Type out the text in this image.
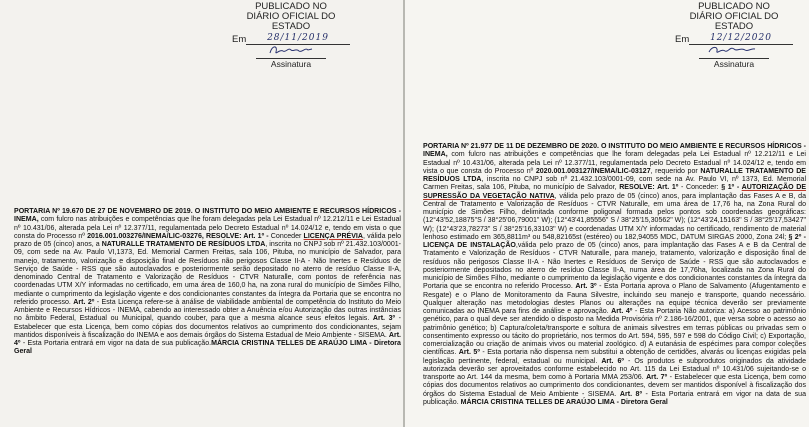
PUBLICADO NO
DIÁRIO OFICIAL DO ESTADO
Em	28/11/2019
Assinatura
PORTARIA Nº 19.670 DE 27 DE NOVEMBRO DE 2019. O INSTITUTO DO MEIO AMBIENTE E RECURSOS HÍDRICOS - INEMA, com fulcro nas atribuições e competências que lhe foram delegadas pela Lei Estadual nº 12.212/11 e Lei Estadual nº 10.431/06, alterada pela Lei nº 12.377/11, regulamentada pelo Decreto Estadual nº 14.024/12 e, tendo em vista o que consta do Processo nº 2016.001.003276/INEMA/LIC-03276, RESOLVE: Art. 1º - Conceder LICENÇA PRÉVIA, válida pelo prazo de 05 (cinco) anos, a NATURALLE TRATAMENTO DE RESÍDUOS LTDA, inscrita no CNPJ sob nº 21.432.103/0001-09, com sede na Av. Paulo VI,1373, Ed. Memorial Carmen Freitas, sala 106, Pituba, no município de Salvador, para manejo, tratamento, valorização e disposição final de Resíduos não perigosos Classe II-A - Não Inertes e Resíduos de Serviço de Saúde - RSS que são autoclavados e posteriormente serão depositado no aterro de resíduo Classe II-A, denominado Central de Tratamento e Valorização de Resíduos - CTVR Naturalle, com pontos de referência nas coordenadas UTM X/Y informadas no certificado, em uma área de 160,0 ha, na zona rural do município de Simões Filho, mediante o cumprimento da legislação vigente e dos condicionantes constantes da íntegra da Portaria que se encontra no referido processo. Art. 2º - Esta Licença refere-se à análise de viabilidade ambiental de competência do Instituto do Meio Ambiente e Recursos Hídricos - INEMA, cabendo ao interessado obter a Anuência e/ou Autorização das outras instâncias no âmbito Federal, Estadual ou Municipal, quando couber, para que a mesma alcance seus efeitos legais. Art. 3º - Estabelecer que esta Licença, bem como cópias dos documentos relativos ao cumprimento dos condicionantes, sejam mantidos disponíveis à fiscalização do INEMA e aos demais órgãos do Sistema Estadual de Meio Ambiente - SISEMA. Art. 4º - Esta Portaria entrará em vigor na data de sua publicação.MÁRCIA CRISTINA TELLES DE ARAÚJO LIMA - Diretora Geral
PUBLICADO NO
DIÁRIO OFICIAL DO ESTADO
Em	12/12/2020
Assinatura
PORTARIA Nº 21.977 DE 11 DE DEZEMBRO DE 2020. O INSTITUTO DO MEIO AMBIENTE E RECURSOS HÍDRICOS - INEMA, com fulcro nas atribuições e competências que lhe foram delegadas pela Lei Estadual nº 12.212/11 e Lei Estadual nº 10.431/06, alterada pela Lei nº 12.377/11, regulamentada pelo Decreto Estadual nº 14.024/12 e, tendo em vista o que consta do Processo nº 2020.001.003127/INEMA/LIC-03127, requerido por NATURALLE TRATAMENTO DE RESÍDUOS LTDA, inscrita no CNPJ sob nº 21.432.103/0001-09, com sede na Av. Paulo VI, nº 1373, Ed. Memorial Carmen Freitas, sala 106, Pituba, no município de Salvador, RESOLVE: Art. 1º - Conceder: § 1º - AUTORIZAÇÃO DE SUPRESSÃO DA VEGETAÇÃO NATIVA, válida pelo prazo de 05 (cinco) anos, para implantação das Fases A e B, da Central de Tratamento e Valorização de Resíduos - CTVR Naturalle, em uma área de 17,76 ha, na Zona Rural do município de Simões Filho, delimitada conforme poligonal formada pelos pontos sob coordenadas geográficas: (12°43'52,18875"S / 38°25'06,79001" W); (12°43'41,85556" S / 38°25'15,30562" W); (12°43'24,15163" S / 38°25'17,53427" W); (12°43'23,78273" S / 38°25'16,33103" W) e coordenadas UTM X/Y informadas no certificado, rendimento de material lenhoso estimado em 365,8811m³ ou 548,82165st (estéreo) ou 182,94055 MDC, DATUM SIRGAS 2000, Zona 24l; § 2º - LICENÇA DE INSTALAÇÃO,válida pelo prazo de 05 (cinco) anos, para implantação das Fases A e B da Central de Tratamento e Valorização de Resíduos - CTVR Naturalle, para manejo, tratamento, valorização e disposição final de resíduos não perigosos Classe II-A - Não Inertes e Resíduos de Serviço de Saúde - RSS que são autoclavados e posteriormente depositados no aterro de resíduo Classe II-A, numa área de 17,76ha, localizada na Zona Rural do município de Simões Filho, mediante o cumprimento da legislação vigente e dos condicionantes constantes da íntegra da Portaria que se encontra no referido Processo. Art. 3º - Esta Portaria aprova o Plano de Salvamento (Afugentamento e Resgate) e o Plano de Monitoramento da Fauna Silvestre, incluindo seu manejo e transporte, quando necessário. Qualquer alteração nas metodologias destes Planos ou alterações na equipe técnica deverão ser previamente comunicadas ao INEMA para fins de análise e aprovação. Art. 4º - Esta Portaria Não autoriza: a) Acesso ao patrimônio genético, para o qual deve ser atendido o disposto na Medida Provisória nº 2.186-16/2001, que versa sobre o acesso ao patrimônio genético; b) Captura/coleta/transporte e soltura de animais silvestres em terras públicas ou privadas sem o consentimento expresso ou tácito do proprietário, nos termos do Art. 594, 595, 597 e 598 do Código Civil; c) Exportação, comercialização ou criação de animais vivos ou material zoológico. d) A eutanásia de espécimes para compor coleções científicas. Art. 5º - Esta portaria não dispensa nem substitui a obtenção de certidões, alvarás ou licenças exigidas pela legislação pertinente, federal, estadual ou municipal. Art. 6º - Os produtos e subprodutos originados da atividade autorizada deverão ser aproveitados conforme estabelecido no Art. 115 da Lei Estadual nº 10.431/06 sujeitando-se o transporte ao Art. 144 da mesma, bem como à Portaria MMA 253/06. Art. 7º - Estabelecer que esta Licença, bem como cópias dos documentos relativos ao cumprimento dos condicionantes, devem ser mantidos disponível à fiscalização dos órgãos do Sistema Estadual de Meio Ambiente - SISEMA. Art. 8º - Esta Portaria entrará em vigor na data de sua publicação. MÁRCIA CRISTINA TELLES DE ARAÚJO LIMA - Diretora Geral
